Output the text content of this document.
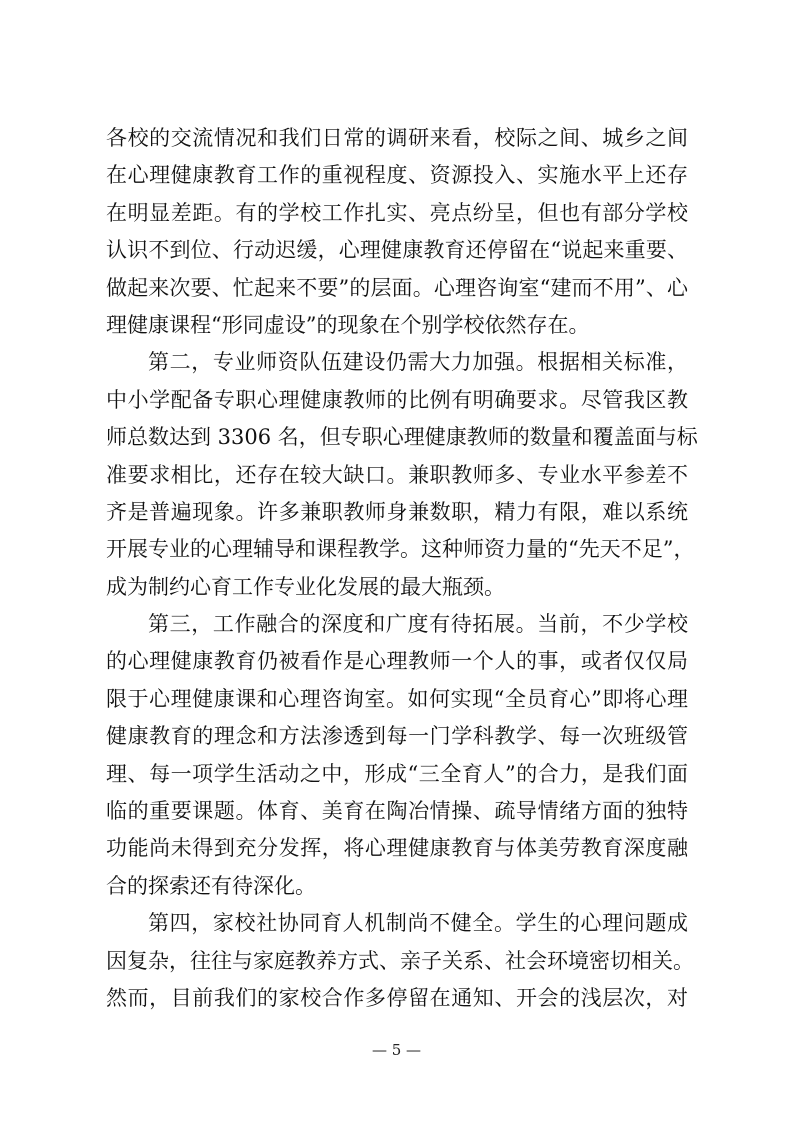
各校的交流情况和我们日常的调研来看，校际之间、城乡之间
在心理健康教育工作的重视程度、资源投入、实施水平上还存
在明显差距。有的学校工作扎实、亮点纷呈，但也有部分学校
认识不到位、行动迟缓，心理健康教育还停留在“说起来重要、
做起来次要、忙起来不要”的层面。心理咨询室“建而不用”、心
理健康课程“形同虚设”的现象在个别学校依然存在。
第二，专业师资队伍建设仍需大力加强。根据相关标准，
中小学配备专职心理健康教师的比例有明确要求。尽管我区教
师总数达到 3306 名，但专职心理健康教师的数量和覆盖面与标
准要求相比，还存在较大缺口。兼职教师多、专业水平参差不
齐是普遍现象。许多兼职教师身兼数职，精力有限，难以系统
开展专业的心理辅导和课程教学。这种师资力量的“先天不足”，
成为制约心育工作专业化发展的最大瓶颈。
第三，工作融合的深度和广度有待拓展。当前，不少学校
的心理健康教育仍被看作是心理教师一个人的事，或者仅仅局
限于心理健康课和心理咨询室。如何实现“全员育心”即将心理
健康教育的理念和方法渗透到每一门学科教学、每一次班级管
理、每一项学生活动之中，形成“三全育人”的合力，是我们面
临的重要课题。体育、美育在陶冶情操、疏导情绪方面的独特
功能尚未得到充分发挥，将心理健康教育与体美劳教育深度融
合的探索还有待深化。
第四，家校社协同育人机制尚不健全。学生的心理问题成
因复杂，往往与家庭教养方式、亲子关系、社会环境密切相关。
然而，目前我们的家校合作多停留在通知、开会的浅层次，对
— 5 —
